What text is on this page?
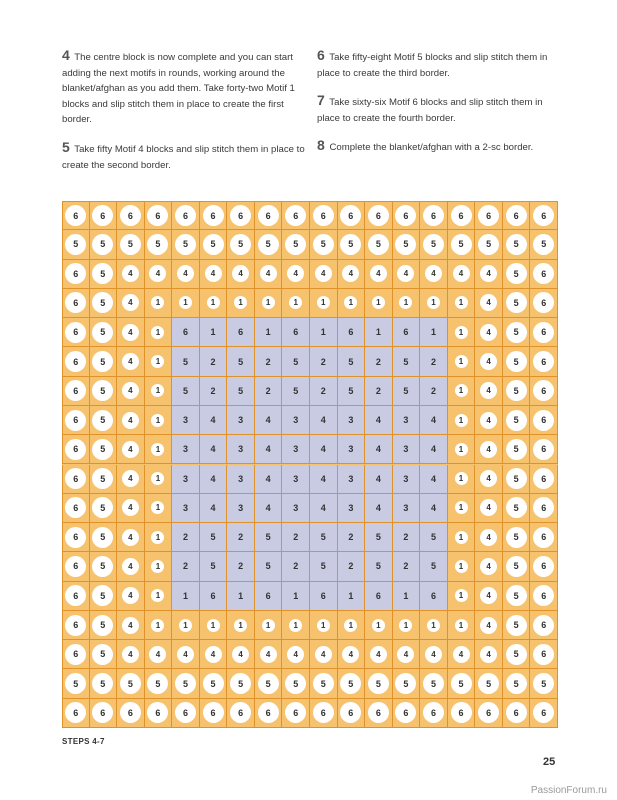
4 The centre block is now complete and you can start adding the next motifs in rounds, working around the blanket/afghan as you add them. Take forty-two Motif 1 blocks and slip stitch them in place to create the first border.

5 Take fifty Motif 4 blocks and slip stitch them in place to create the second border.

6 Take fifty-eight Motif 5 blocks and slip stitch them in place to create the third border.

7 Take sixty-six Motif 6 blocks and slip stitch them in place to create the fourth border.

8 Complete the blanket/afghan with a 2-sc border.

6	6	6	6	6	6	6	6	6	6	6	6	6	6	6	6	6	6
5	5	5	5	5	5	5	5	5	5	5	5	5	5	5	5	5	5
6	5	4	4	4	4	4	4	4	4	4	4	4	4	4	4	5	6
6	5	4	1	1	1	1	1	1	1	1	1	1	1	1	4	5	6
6	5	4	1	6	1	6	1	6	1	6	1	6	1	1	4	5	6
6	5	4	1	5	2	5	2	5	2	5	2	5	2	1	4	5	6
6	5	4	1	5	2	5	2	5	2	5	2	5	2	1	4	5	6
6	5	4	1	3	4	3	4	3	4	3	4	3	4	1	4	5	6
6	5	4	1	3	4	3	4	3	4	3	4	3	4	1	4	5	6
6	5	4	1	3	4	3	4	3	4	3	4	3	4	1	4	5	6
6	5	4	1	3	4	3	4	3	4	3	4	3	4	1	4	5	6
6	5	4	1	2	5	2	5	2	5	2	5	2	5	1	4	5	6
6	5	4	1	2	5	2	5	2	5	2	5	2	5	1	4	5	6
6	5	4	1	1	6	1	6	1	6	1	6	1	6	1	4	5	6
6	5	4	1	1	1	1	1	1	1	1	1	1	1	1	4	5	6
6	5	4	4	4	4	4	4	4	4	4	4	4	4	4	4	5	6
5	5	5	5	5	5	5	5	5	5	5	5	5	5	5	5	5	5
6	6	6	6	6	6	6	6	6	6	6	6	6	6	6	6	6	6
STEPS 4-7
25
PassionForum.ru
